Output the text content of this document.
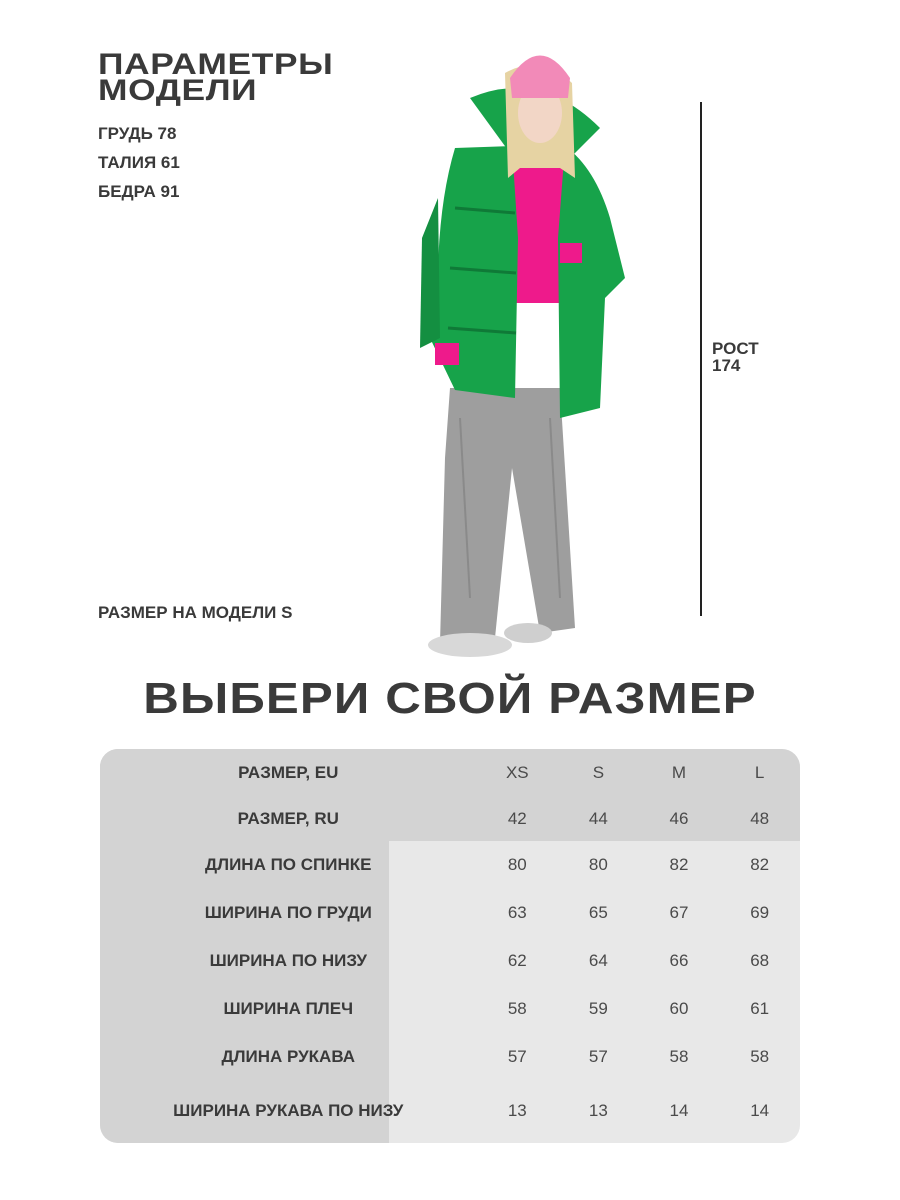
ПАРАМЕТРЫ
МОДЕЛИ
ГРУДЬ 78
ТАЛИЯ 61
БЕДРА 91
РАЗМЕР НА МОДЕЛИ S
РОСТ
174
ВЫБЕРИ СВОЙ РАЗМЕР
РАЗМЕР, EU	XS	S	M	L
РАЗМЕР, RU	42	44	46	48
ДЛИНА ПО СПИНКЕ	80	80	82	82
ШИРИНА ПО ГРУДИ	63	65	67	69
ШИРИНА ПО НИЗУ	62	64	66	68
ШИРИНА ПЛЕЧ	58	59	60	61
ДЛИНА РУКАВА	57	57	58	58
ШИРИНА РУКАВА ПО НИЗУ	13	13	14	14
